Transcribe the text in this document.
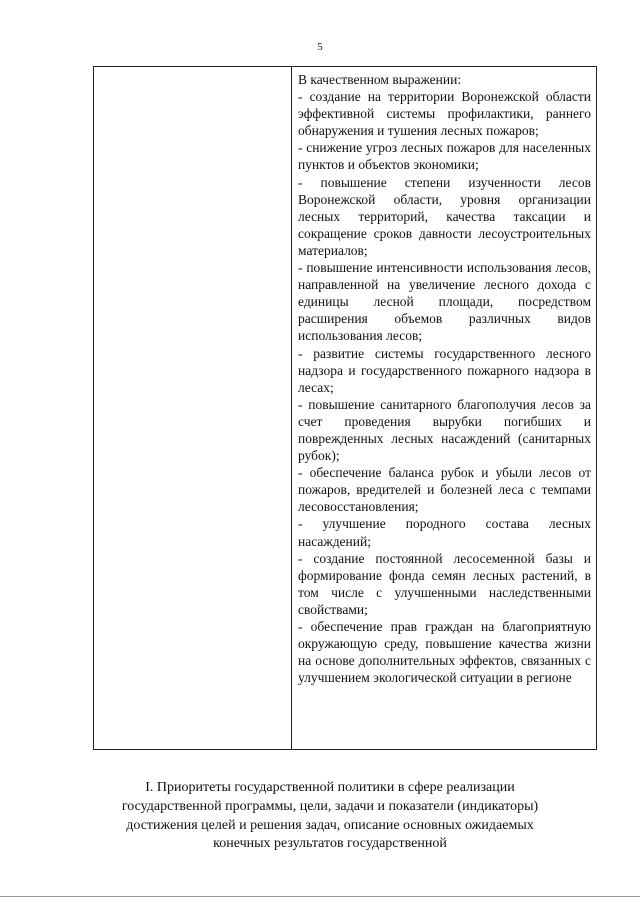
5

В качественном выражении:

- создание на территории Воронежской области эффективной системы профилактики, раннего обнаружения и тушения лесных пожаров;

- снижение угроз лесных пожаров для населенных пунктов и объектов экономики;

- повышение степени изученности лесов Воронежской области, уровня организации лесных территорий, качества таксации и сокращение сроков давности лесоустроительных материалов;

- повышение интенсивности использования лесов, направленной на увеличение лесного дохода с единицы лесной площади, посредством расширения объемов различных видов использования лесов;

- развитие системы государственного лесного надзора и государственного пожарного надзора в лесах;

- повышение санитарного благополучия лесов за счет проведения вырубки погибших и поврежденных лесных насаждений (санитарных рубок);

- обеспечение баланса рубок и убыли лесов от пожаров, вредителей и болезней леса с темпами лесовосстановления;

- улучшение породного состава лесных насаждений;

- создание постоянной лесосеменной базы и формирование фонда семян лесных растений, в том числе с улучшенными наследственными свойствами;

- обеспечение прав граждан на благоприятную окружающую среду, повышение качества жизни на основе дополнительных эффектов, связанных с улучшением экологической ситуации в регионе

I. Приоритеты государственной политики в сфере реализации государственной программы, цели, задачи и показатели (индикаторы) достижения целей и решения задач, описание основных ожидаемых конечных результатов государственной
